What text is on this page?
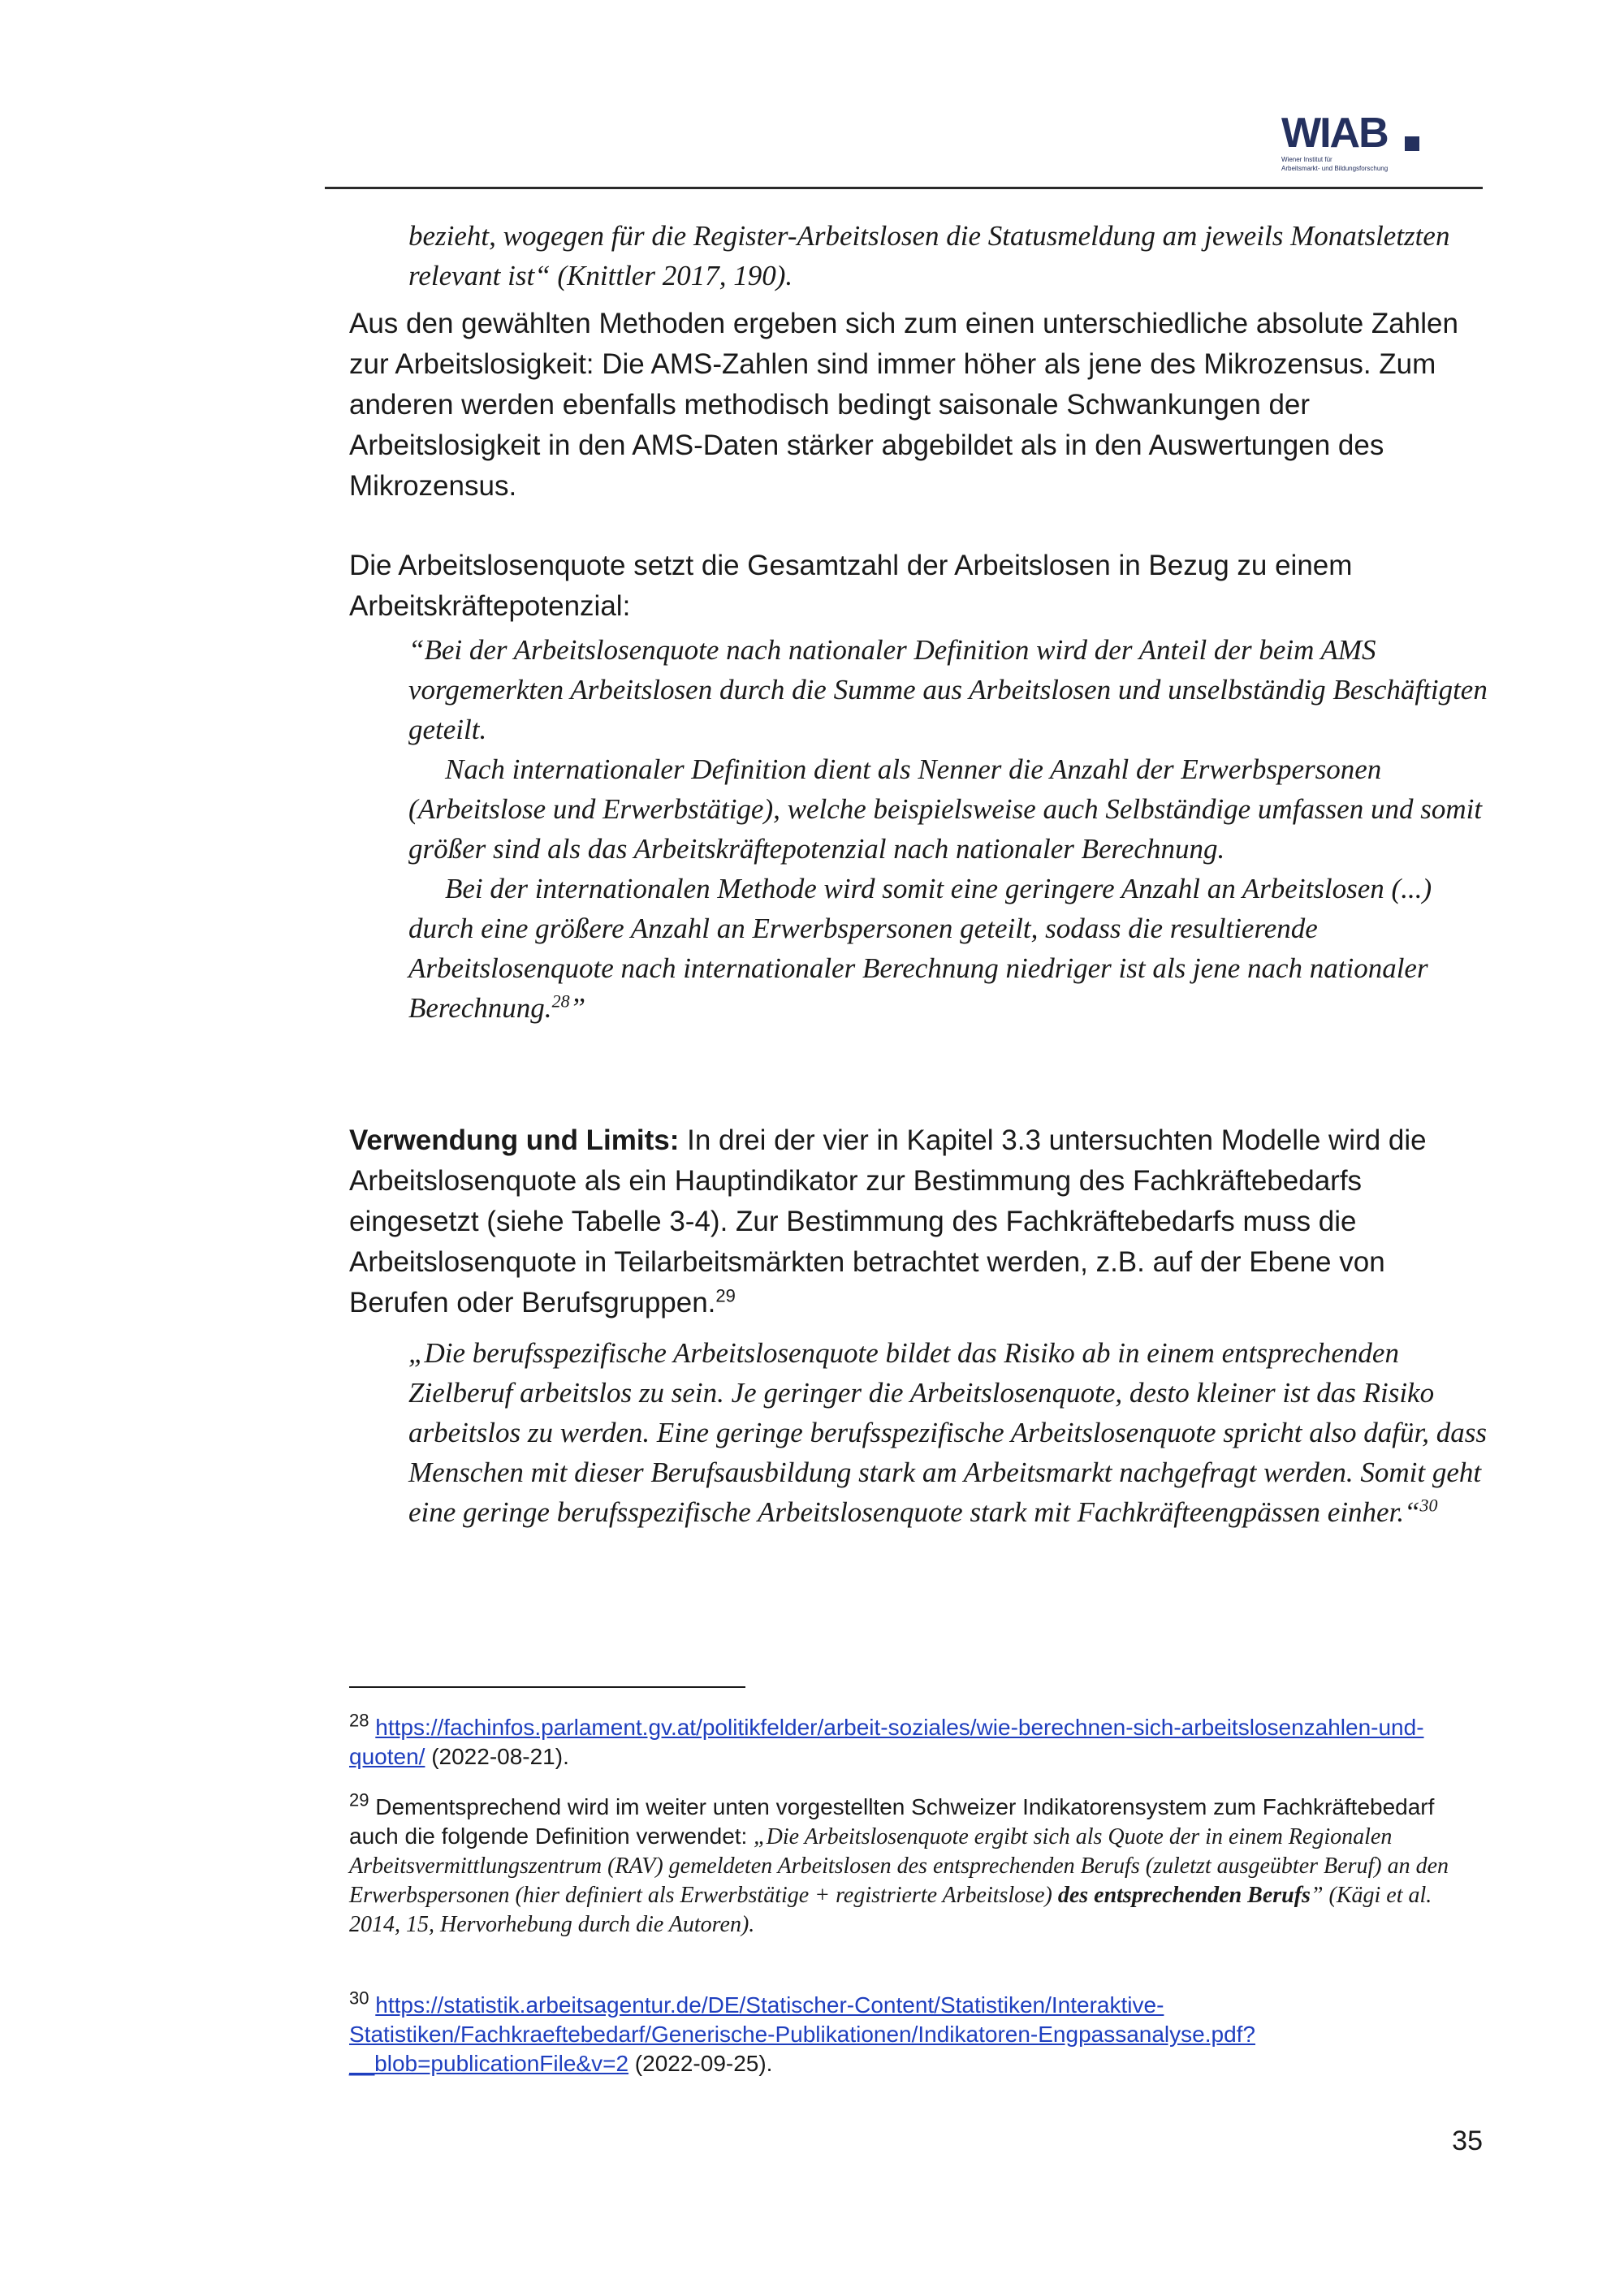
WIAB
Wiener Institut für
Arbeitsmarkt- und Bildungsforschung

bezieht, wogegen für die Register-Arbeitslosen die Statusmeldung am jeweils Monatsletzten relevant ist“ (Knittler 2017, 190).

Aus den gewählten Methoden ergeben sich zum einen unterschiedliche absolute Zahlen zur Arbeitslosigkeit: Die AMS-Zahlen sind immer höher als jene des Mikrozensus. Zum anderen werden ebenfalls methodisch bedingt saisonale Schwankungen der Arbeitslosigkeit in den AMS-Daten stärker abgebildet als in den Auswertungen des Mikrozensus.

Die Arbeitslosenquote setzt die Gesamtzahl der Arbeitslosen in Bezug zu einem Arbeitskräftepotenzial:

“Bei der Arbeitslosenquote nach nationaler Definition wird der Anteil der beim AMS vorgemerkten Arbeitslosen durch die Summe aus Arbeitslosen und unselbständig Beschäftigten geteilt.

Nach internationaler Definition dient als Nenner die Anzahl der Erwerbspersonen (Arbeitslose und Erwerbstätige), welche beispielsweise auch Selbständige umfassen und somit größer sind als das Arbeitskräftepotenzial nach nationaler Berechnung.

Bei der internationalen Methode wird somit eine geringere Anzahl an Arbeitslosen (...) durch eine größere Anzahl an Erwerbspersonen geteilt, sodass die resultierende Arbeitslosenquote nach internationaler Berechnung niedriger ist als jene nach nationaler Berechnung.$^{28}$”

Verwendung und Limits: In drei der vier in Kapitel 3.3 untersuchten Modelle wird die Arbeitslosenquote als ein Hauptindikator zur Bestimmung des Fachkräftebedarfs eingesetzt (siehe Tabelle 3-4). Zur Bestimmung des Fachkräftebedarfs muss die Arbeitslosenquote in Teilarbeitsmärkten betrachtet werden, z.B. auf der Ebene von Berufen oder Berufsgruppen.$^{29}$

„Die berufsspezifische Arbeitslosenquote bildet das Risiko ab in einem entsprechenden Zielberuf arbeitslos zu sein. Je geringer die Arbeitslosenquote, desto kleiner ist das Risiko arbeitslos zu werden. Eine geringe berufsspezifische Arbeitslosenquote spricht also dafür, dass Menschen mit dieser Berufsausbildung stark am Arbeitsmarkt nachgefragt werden. Somit geht eine geringe berufsspezifische Arbeitslosenquote stark mit Fachkräfteengpässen einher.“$^{30}$

$^{28}$ https://fachinfos.parlament.gv.at/politikfelder/arbeit-soziales/wie-berechnen-sich-arbeitslosenzahlen-und-quoten/ (2022-08-21).

$^{29}$ Dementsprechend wird im weiter unten vorgestellten Schweizer Indikatorensystem zum Fachkräftebedarf auch die folgende Definition verwendet: „Die Arbeitslosenquote ergibt sich als Quote der in einem Regionalen Arbeitsvermittlungszentrum (RAV) gemeldeten Arbeitslosen des entsprechenden Berufs (zuletzt ausgeübter Beruf) an den Erwerbspersonen (hier definiert als Erwerbstätige + registrierte Arbeitslose) des entsprechenden Berufs” (Kägi et al. 2014, 15, Hervorhebung durch die Autoren).

$^{30}$ https://statistik.arbeitsagentur.de/DE/Statischer-Content/Statistiken/Interaktive-Statistiken/Fachkraeftebedarf/Generische-Publikationen/Indikatoren-Engpassanalyse.pdf?__blob=publicationFile&v=2 (2022-09-25).

35
